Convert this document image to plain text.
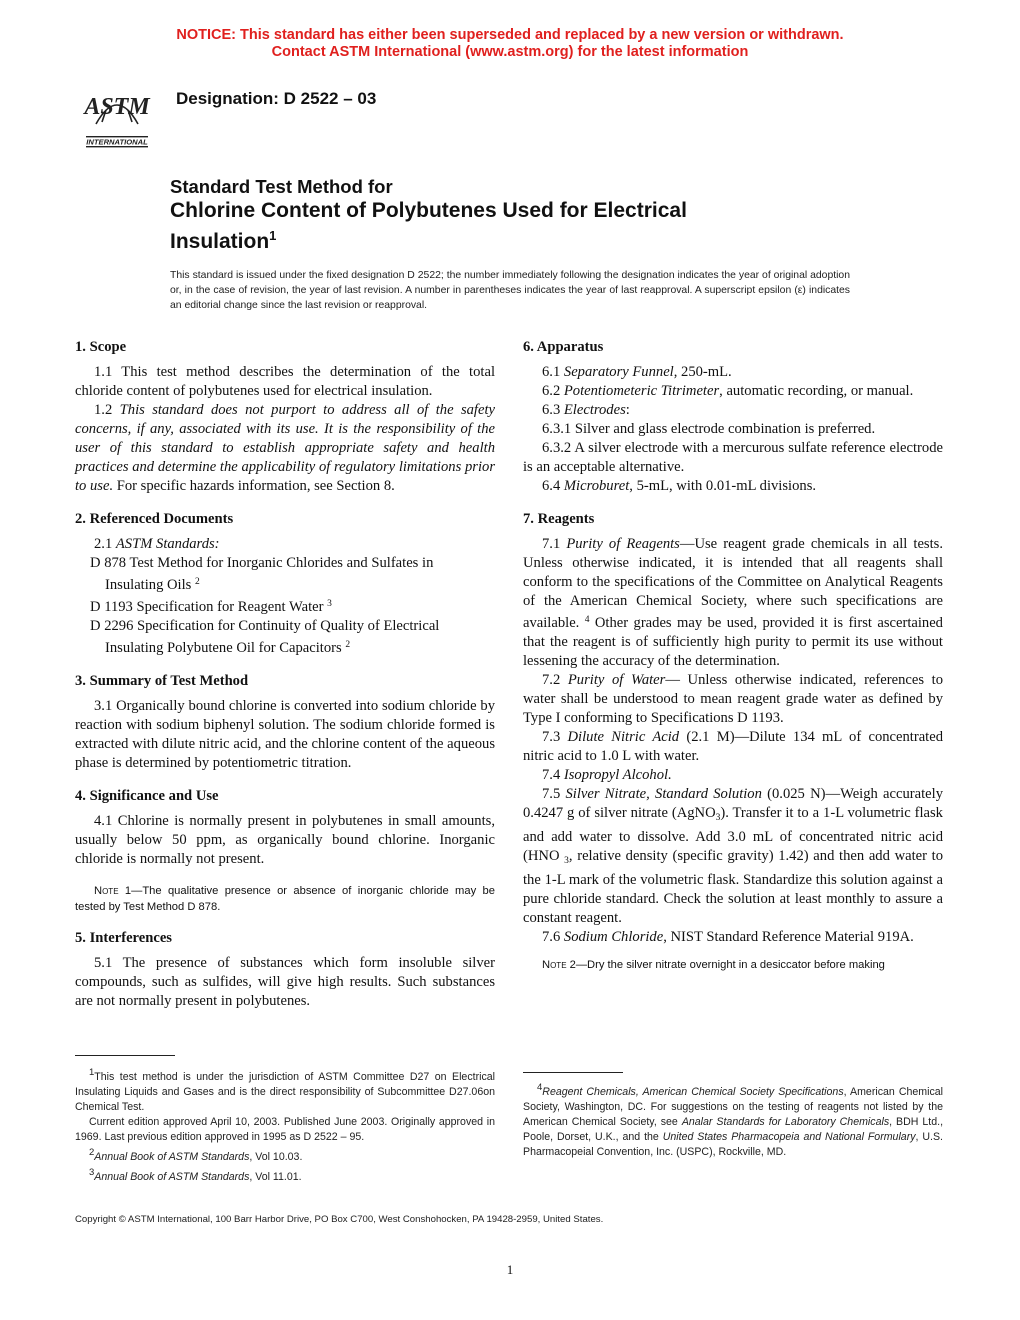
NOTICE: This standard has either been superseded and replaced by a new version or withdrawn.
Contact ASTM International (www.astm.org) for the latest information
ASTM
INTERNATIONAL
Designation: D 2522 – 03
Standard Test Method for
Chlorine Content of Polybutenes Used for Electrical
Insulation$^1$
This standard is issued under the fixed designation D 2522; the number immediately following the designation indicates the year of original adoption or, in the case of revision, the year of last revision. A number in parentheses indicates the year of last reapproval. A superscript epsilon (ε) indicates an editorial change since the last revision or reapproval.
1. Scope

1.1 This test method describes the determination of the total chloride content of polybutenes used for electrical insulation.

1.2 This standard does not purport to address all of the safety concerns, if any, associated with its use. It is the responsibility of the user of this standard to establish appropriate safety and health practices and determine the applicability of regulatory limitations prior to use. For specific hazards information, see Section 8.

2. Referenced Documents

2.1 ASTM Standards:

D 878 Test Method for Inorganic Chlorides and Sulfates in Insulating Oils $^2$

D 1193 Specification for Reagent Water $^3$

D 2296 Specification for Continuity of Quality of Electrical Insulating Polybutene Oil for Capacitors $^2$

3. Summary of Test Method

3.1 Organically bound chlorine is converted into sodium chloride by reaction with sodium biphenyl solution. The sodium chloride formed is extracted with dilute nitric acid, and the chlorine content of the aqueous phase is determined by potentiometric titration.

4. Significance and Use

4.1 Chlorine is normally present in polybutenes in small amounts, usually below 50 ppm, as organically bound chlorine. Inorganic chloride is normally not present.

Note 1—The qualitative presence or absence of inorganic chloride may be tested by Test Method D 878.

5. Interferences

5.1 The presence of substances which form insoluble silver compounds, such as sulfides, will give high results. Such substances are not normally present in polybutenes.

6. Apparatus

6.1 Separatory Funnel, 250-mL.

6.2 Potentiometeric Titrimeter, automatic recording, or manual.

6.3 Electrodes:

6.3.1 Silver and glass electrode combination is preferred.

6.3.2 A silver electrode with a mercurous sulfate reference electrode is an acceptable alternative.

6.4 Microburet, 5-mL, with 0.01-mL divisions.

7. Reagents

7.1 Purity of Reagents—Use reagent grade chemicals in all tests. Unless otherwise indicated, it is intended that all reagents shall conform to the specifications of the Committee on Analytical Reagents of the American Chemical Society, where such specifications are available. $^4$ Other grades may be used, provided it is first ascertained that the reagent is of sufficiently high purity to permit its use without lessening the accuracy of the determination.

7.2 Purity of Water— Unless otherwise indicated, references to water shall be understood to mean reagent grade water as defined by Type I conforming to Specifications D 1193.

7.3 Dilute Nitric Acid (2.1 M)—Dilute 134 mL of concentrated nitric acid to 1.0 L with water.

7.4 Isopropyl Alcohol.

7.5 Silver Nitrate, Standard Solution (0.025 N)—Weigh accurately 0.4247 g of silver nitrate (AgNO$_3$). Transfer it to a 1-L volumetric flask and add water to dissolve. Add 3.0 mL of concentrated nitric acid (HNO $_3$, relative density (specific gravity) 1.42) and then add water to the 1-L mark of the volumetric flask. Standardize this solution against a pure chloride standard. Check the solution at least monthly to assure a constant reagent.

7.6 Sodium Chloride, NIST Standard Reference Material 919A.

Note 2—Dry the silver nitrate overnight in a desiccator before making

1This test method is under the jurisdiction of ASTM Committee D27 on Electrical Insulating Liquids and Gases and is the direct responsibility of Subcommittee D27.06on Chemical Test.

Current edition approved April 10, 2003. Published June 2003. Originally approved in 1969. Last previous edition approved in 1995 as D 2522 – 95.

2Annual Book of ASTM Standards, Vol 10.03.

3Annual Book of ASTM Standards, Vol 11.01.

4Reagent Chemicals, American Chemical Society Specifications, American Chemical Society, Washington, DC. For suggestions on the testing of reagents not listed by the American Chemical Society, see Analar Standards for Laboratory Chemicals, BDH Ltd., Poole, Dorset, U.K., and the United States Pharmacopeia and National Formulary, U.S. Pharmacopeial Convention, Inc. (USPC), Rockville, MD.

Copyright © ASTM International, 100 Barr Harbor Drive, PO Box C700, West Conshohocken, PA 19428-2959, United States.
1
